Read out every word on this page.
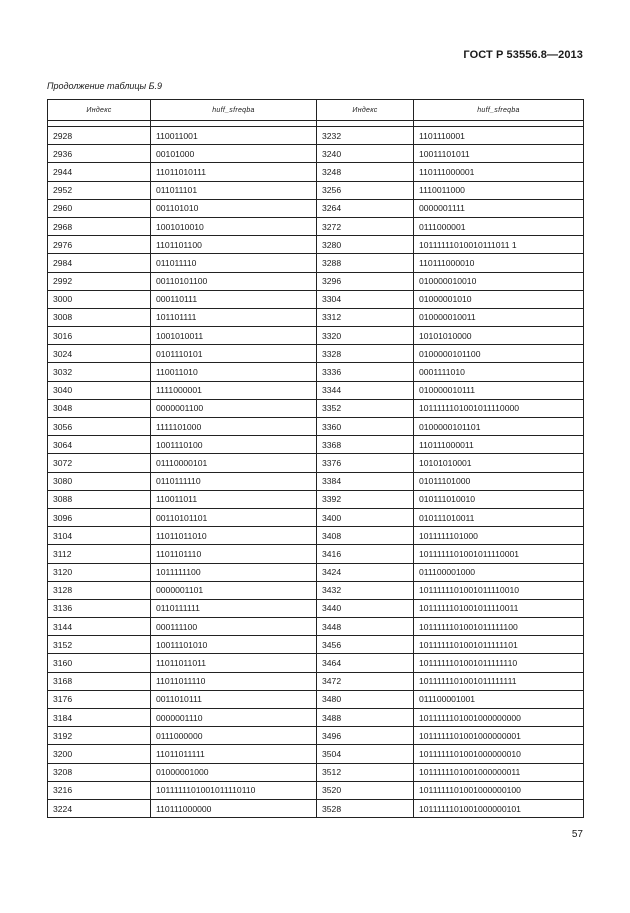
ГОСТ Р 53556.8—2013
Продолжение таблицы Б.9
Индекс	huff_sfreqba	Индекс	huff_sfreqba

2928	110011001	3232	1101110001
2936	00101000	3240	10011101011
2944	11011010111	3248	110111000001
2952	011011101	3256	1110011000
2960	001101010	3264	0000001111
2968	1001010010	3272	0111000001
2976	1101101100	3280	10111111010010111011 1
2984	011011110	3288	110111000010
2992	00110101100	3296	010000010010
3000	000110111	3304	01000001010
3008	101101111	3312	010000010011
3016	1001010011	3320	10101010000
3024	0101110101	3328	0100000101100
3032	110011010	3336	0001111010
3040	1111000001	3344	010000010111
3048	0000001100	3352	1011111101001011110000
3056	1111101000	3360	0100000101101
3064	1001110100	3368	110111000011
3072	01110000101	3376	10101010001
3080	0110111110	3384	01011101000
3088	110011011	3392	010111010010
3096	00110101101	3400	010111010011
3104	11011011010	3408	1011111101000
3112	1101101110	3416	1011111101001011110001
3120	1011111100	3424	011100001000
3128	0000001101	3432	1011111101001011110010
3136	0110111111	3440	1011111101001011110011
3144	000111100	3448	1011111101001011111100
3152	10011101010	3456	1011111101001011111101
3160	11011011011	3464	1011111101001011111110
3168	11011011110	3472	1011111101001011111111
3176	0011010111	3480	011100001001
3184	0000001110	3488	1011111101001000000000
3192	0111000000	3496	1011111101001000000001
3200	11011011111	3504	1011111101001000000010
3208	01000001000	3512	1011111101001000000011
3216	1011111101001011110110	3520	1011111101001000000100
3224	110111000000	3528	1011111101001000000101
57
